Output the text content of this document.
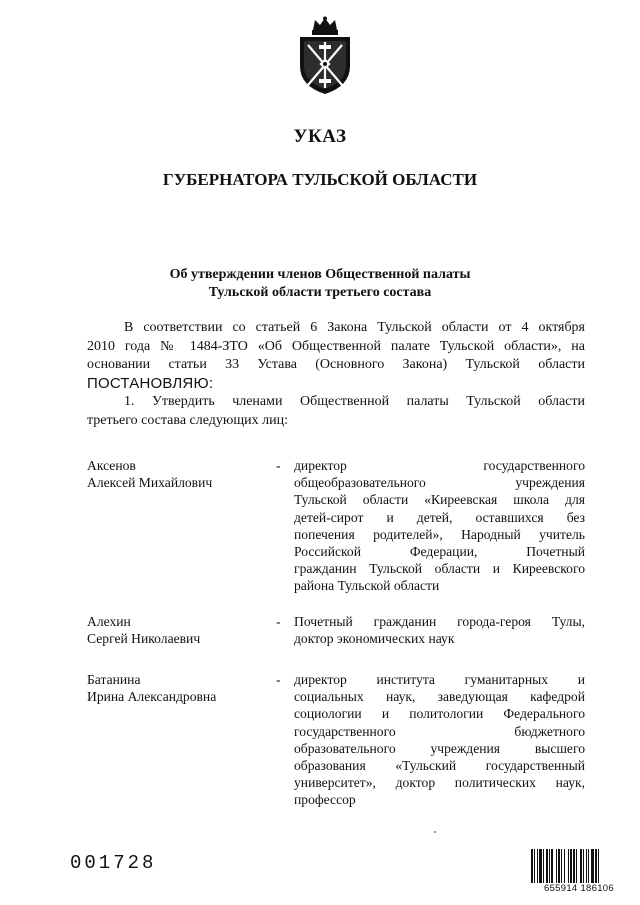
УКАЗ
ГУБЕРНАТОРА ТУЛЬСКОЙ ОБЛАСТИ
Об утверждении членов Общественной палаты
Тульской области третьего состава
В соответствии со статьей 6 Закона Тульской области от 4 октября
2010 года № 1484-ЗТО «Об Общественной палате Тульской области», на
основании статьи 33 Устава (Основного Закона) Тульской области
ПОСТАНОВЛЯЮ:
1. Утвердить членами Общественной палаты Тульской области
третьего состава следующих лиц:
Аксенов
Алексей Михайлович
- директор государственного
общеобразовательного учреждения
Тульской области «Киреевская школа для
детей-сирот и детей, оставшихся без
попечения родителей», Народный учитель
Российской Федерации, Почетный
гражданин Тульской области и Киреевского
района Тульской области
Алехин
Сергей Николаевич
- Почетный гражданин города-героя Тулы,
доктор экономических наук
Батанина
Ирина Александровна
- директор института гуманитарных и
социальных наук, заведующая кафедрой
социологии и политологии Федерального
государственного бюджетного
образовательного учреждения высшего
образования «Тульский государственный
университет», доктор политических наук,
профессор
001728
655914 186106
